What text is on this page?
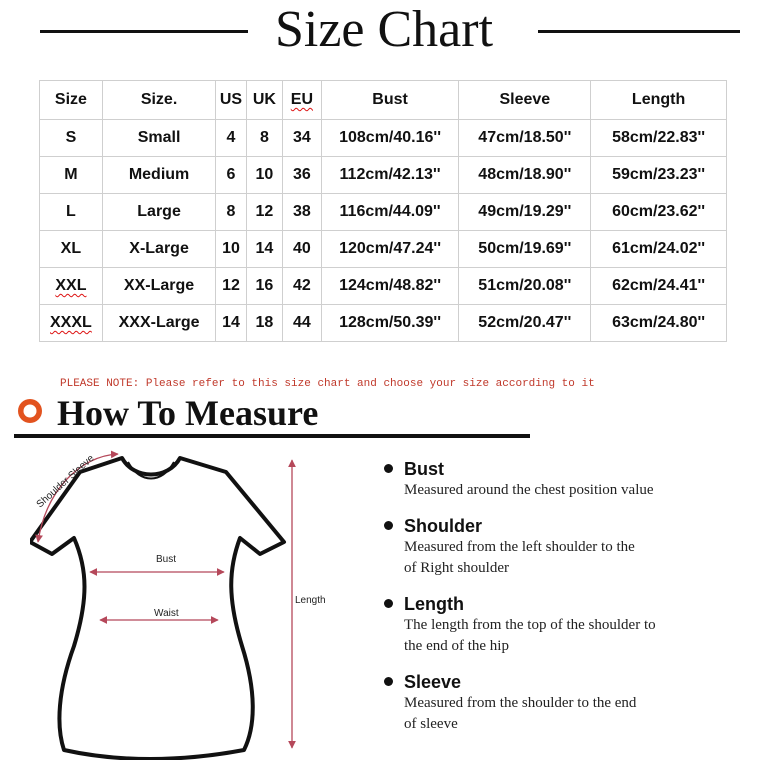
Size Chart
Size	Size.	US	UK	EU	Bust	Sleeve	Length
S	Small	4	8	34	108cm/40.16''	47cm/18.50''	58cm/22.83''
M	Medium	6	10	36	112cm/42.13''	48cm/18.90''	59cm/23.23''
L	Large	8	12	38	116cm/44.09''	49cm/19.29''	60cm/23.62''
XL	X-Large	10	14	40	120cm/47.24''	50cm/19.69''	61cm/24.02''
XXL	XX-Large	12	16	42	124cm/48.82''	51cm/20.08''	62cm/24.41''
XXXL	XXX-Large	14	18	44	128cm/50.39''	52cm/20.47''	63cm/24.80''
PLEASE NOTE: Please refer to this size chart and choose your size according to it
How To Measure
Shoulder Sleeve
Bust
Waist
Length
Bust
Measured around the chest position value
Shoulder
Measured from the left shoulder to the
of Right shoulder
Length
The length from the top of the shoulder to
the end of the hip
Sleeve
Measured from the shoulder to the end
of sleeve
